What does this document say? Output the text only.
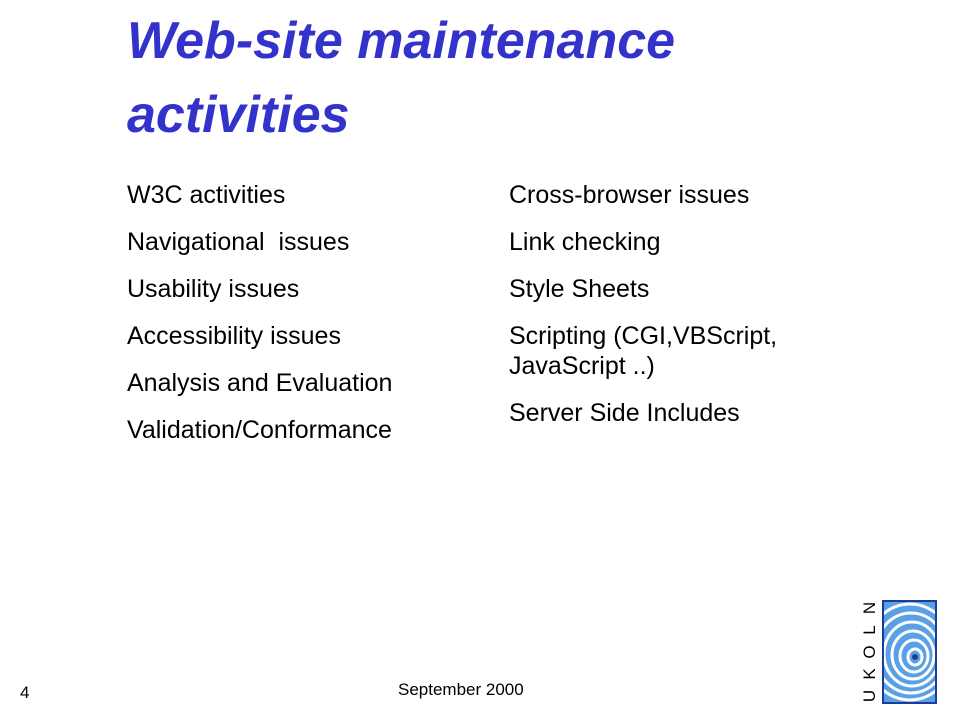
Web-site maintenance activities
W3C activities
Navigational  issues
Usability issues
Accessibility issues
Analysis and Evaluation
Validation/Conformance
Cross-browser issues
Link checking
Style Sheets
Scripting (CGI,VBScript, JavaScript ..)
Server Side Includes
4	September 2000
N
L
O
K
U
